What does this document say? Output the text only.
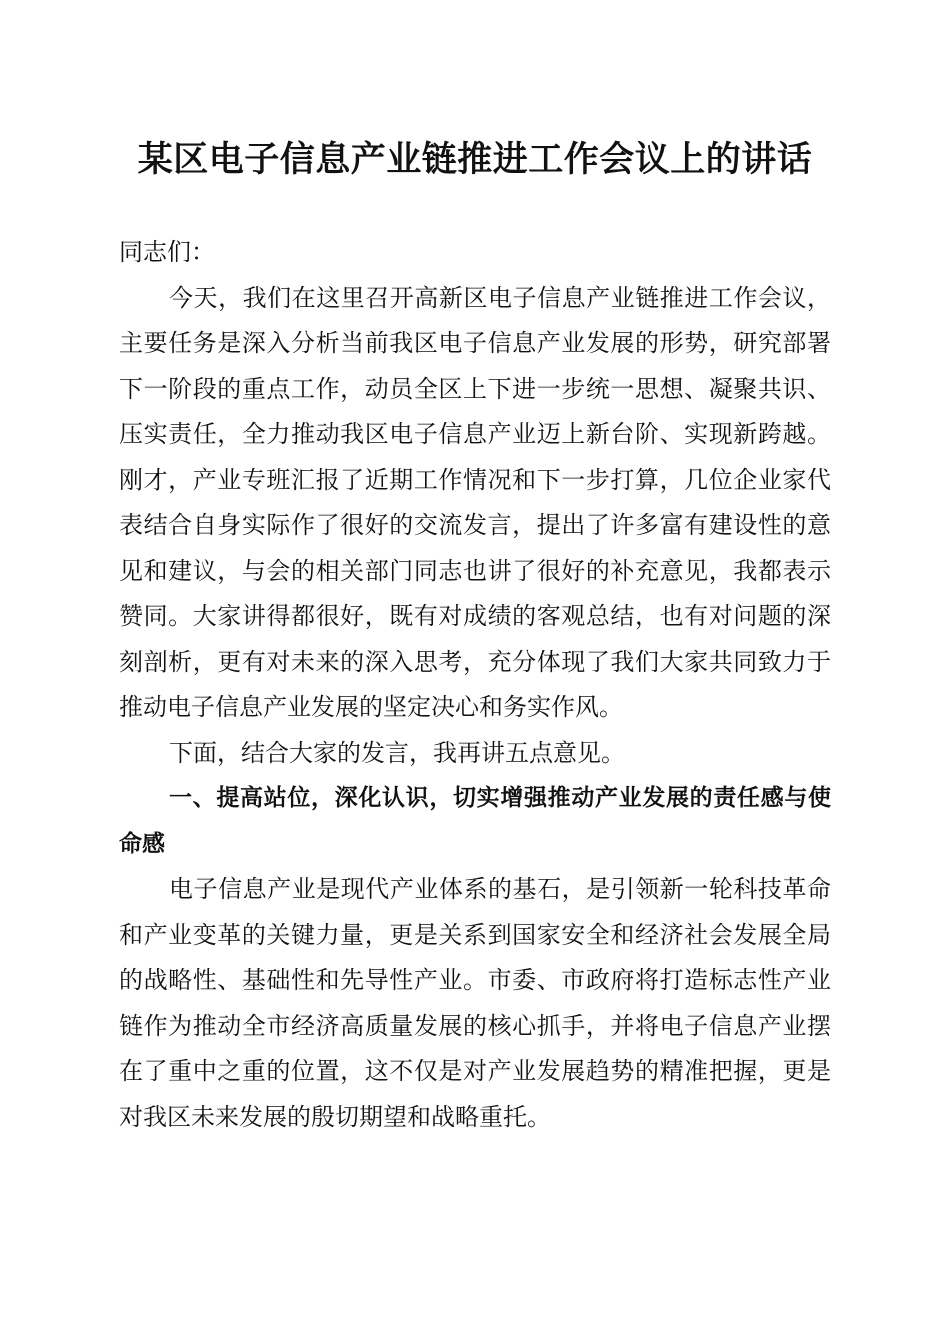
某区电子信息产业链推进工作会议上的讲话

同志们：

今天，我们在这里召开高新区电子信息产业链推进工作会议，主要任务是深入分析当前我区电子信息产业发展的形势，研究部署下一阶段的重点工作，动员全区上下进一步统一思想、凝聚共识、压实责任，全力推动我区电子信息产业迈上新台阶、实现新跨越。刚才，产业专班汇报了近期工作情况和下一步打算，几位企业家代表结合自身实际作了很好的交流发言，提出了许多富有建设性的意见和建议，与会的相关部门同志也讲了很好的补充意见，我都表示赞同。大家讲得都很好，既有对成绩的客观总结，也有对问题的深刻剖析，更有对未来的深入思考，充分体现了我们大家共同致力于推动电子信息产业发展的坚定决心和务实作风。

下面，结合大家的发言，我再讲五点意见。

一、提高站位，深化认识，切实增强推动产业发展的责任感与使命感

电子信息产业是现代产业体系的基石，是引领新一轮科技革命和产业变革的关键力量，更是关系到国家安全和经济社会发展全局的战略性、基础性和先导性产业。市委、市政府将打造标志性产业链作为推动全市经济高质量发展的核心抓手，并将电子信息产业摆在了重中之重的位置，这不仅是对产业发展趋势的精准把握，更是对我区未来发展的殷切期望和战略重托。
